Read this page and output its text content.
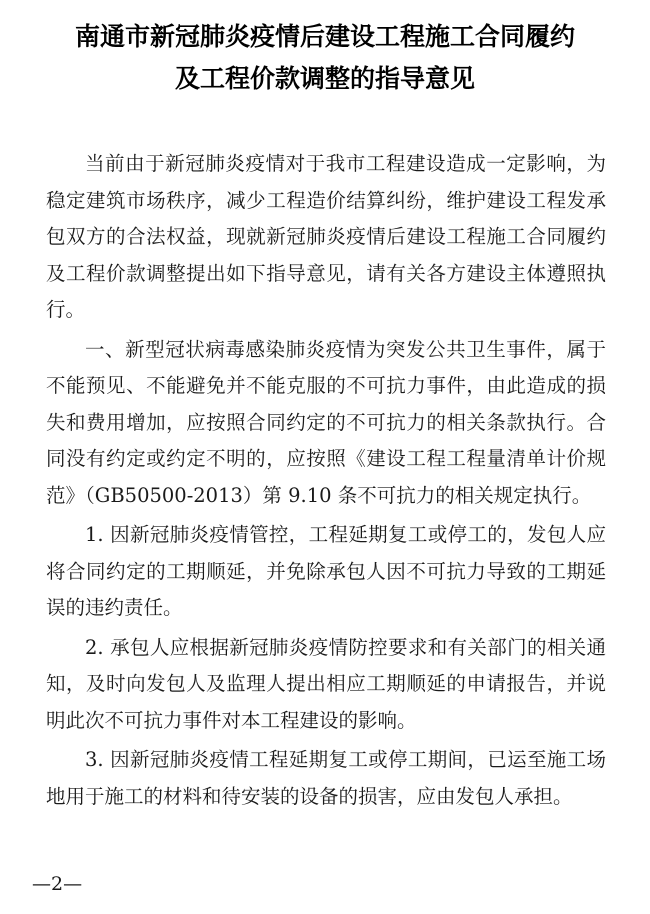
南通市新冠肺炎疫情后建设工程施工合同履约
及工程价款调整的指导意见

当前由于新冠肺炎疫情对于我市工程建设造成一定影响，为稳定建筑市场秩序，减少工程造价结算纠纷，维护建设工程发承包双方的合法权益，现就新冠肺炎疫情后建设工程施工合同履约及工程价款调整提出如下指导意见，请有关各方建设主体遵照执行。

一、新型冠状病毒感染肺炎疫情为突发公共卫生事件，属于不能预见、不能避免并不能克服的不可抗力事件，由此造成的损失和费用增加，应按照合同约定的不可抗力的相关条款执行。合同没有约定或约定不明的，应按照《建设工程工程量清单计价规范》（GB50500-2013）第 9.10 条不可抗力的相关规定执行。

1. 因新冠肺炎疫情管控，工程延期复工或停工的，发包人应将合同约定的工期顺延，并免除承包人因不可抗力导致的工期延误的违约责任。

2. 承包人应根据新冠肺炎疫情防控要求和有关部门的相关通知，及时向发包人及监理人提出相应工期顺延的申请报告，并说明此次不可抗力事件对本工程建设的影响。

3. 因新冠肺炎疫情工程延期复工或停工期间，已运至施工场地用于施工的材料和待安装的设备的损害，应由发包人承担。

—2—
